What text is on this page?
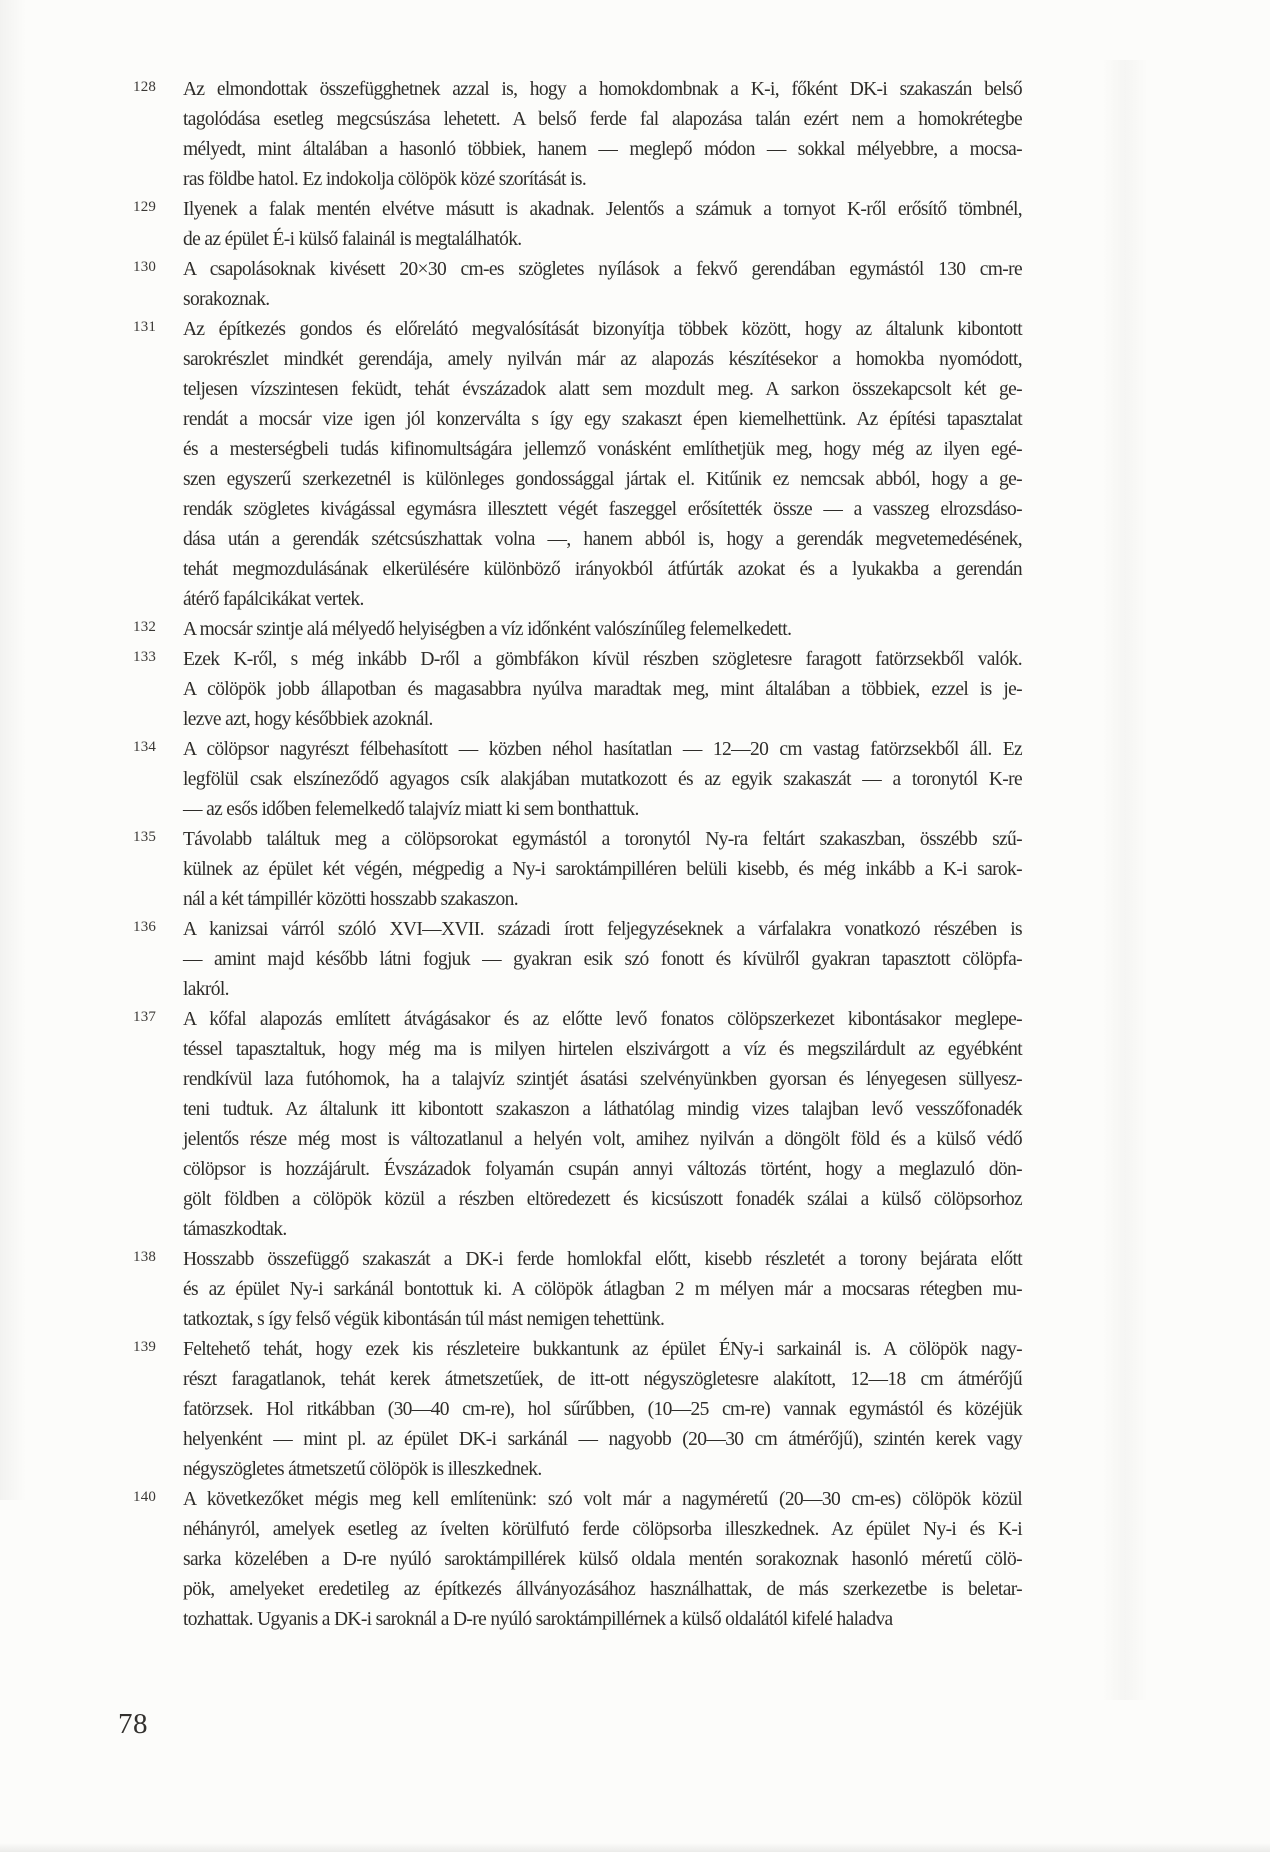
128	Az elmondottak összefügghetnek azzal is, hogy a homokdombnak a K-i, főként DK-i szakaszán belső
tagolódása esetleg megcsúszása lehetett. A belső ferde fal alapozása talán ezért nem a homokrétegbe
mélyedt, mint általában a hasonló többiek, hanem — meglepő módon — sokkal mélyebbre, a mocsa-
ras földbe hatol. Ez indokolja cölöpök közé szorítását is.
129	Ilyenek a falak mentén elvétve másutt is akadnak. Jelentős a számuk a tornyot K-ről erősítő tömbnél,
de az épület É-i külső falainál is megtalálhatók.
130	A csapolásoknak kivésett 20×30 cm-es szögletes nyílások a fekvő gerendában egymástól 130 cm-re
sorakoznak.
131	Az építkezés gondos és előrelátó megvalósítását bizonyítja többek között, hogy az általunk kibontott
sarokrészlet mindkét gerendája, amely nyilván már az alapozás készítésekor a homokba nyomódott,
teljesen vízszintesen feküdt, tehát évszázadok alatt sem mozdult meg. A sarkon összekapcsolt két ge-
rendát a mocsár vize igen jól konzerválta s így egy szakaszt épen kiemelhettünk. Az építési tapasztalat
és a mesterségbeli tudás kifinomultságára jellemző vonásként említhetjük meg, hogy még az ilyen egé-
szen egyszerű szerkezetnél is különleges gondossággal jártak el. Kitűnik ez nemcsak abból, hogy a ge-
rendák szögletes kivágással egymásra illesztett végét faszeggel erősítették össze — a vasszeg elrozsdáso-
dása után a gerendák szétcsúszhattak volna —, hanem abból is, hogy a gerendák megvetemedésének,
tehát megmozdulásának elkerülésére különböző irányokból átfúrták azokat és a lyukakba a gerendán
átérő fapálcikákat vertek.
132	A mocsár szintje alá mélyedő helyiségben a víz időnként valószínűleg felemelkedett.
133	Ezek K-ről, s még inkább D-ről a gömbfákon kívül részben szögletesre faragott fatörzsekből valók.
A cölöpök jobb állapotban és magasabbra nyúlva maradtak meg, mint általában a többiek, ezzel is je-
lezve azt, hogy későbbiek azoknál.
134	A cölöpsor nagyrészt félbehasított — közben néhol hasítatlan — 12—20 cm vastag fatörzsekből áll. Ez
legfölül csak elszíneződő agyagos csík alakjában mutatkozott és az egyik szakaszát — a toronytól K-re
— az esős időben felemelkedő talajvíz miatt ki sem bonthattuk.
135	Távolabb találtuk meg a cölöpsorokat egymástól a toronytól Ny-ra feltárt szakaszban, összébb szű-
külnek az épület két végén, mégpedig a Ny-i saroktámpilléren belüli kisebb, és még inkább a K-i sarok-
nál a két támpillér közötti hosszabb szakaszon.
136	A kanizsai várról szóló XVI—XVII. századi írott feljegyzéseknek a várfalakra vonatkozó részében is
— amint majd később látni fogjuk — gyakran esik szó fonott és kívülről gyakran tapasztott cölöpfa-
lakról.
137	A kőfal alapozás említett átvágásakor és az előtte levő fonatos cölöpszerkezet kibontásakor meglepe-
téssel tapasztaltuk, hogy még ma is milyen hirtelen elszivárgott a víz és megszilárdult az egyébként
rendkívül laza futóhomok, ha a talajvíz szintjét ásatási szelvényünkben gyorsan és lényegesen süllyesz-
teni tudtuk. Az általunk itt kibontott szakaszon a láthatólag mindig vizes talajban levő vesszőfonadék
jelentős része még most is változatlanul a helyén volt, amihez nyilván a döngölt föld és a külső védő
cölöpsor is hozzájárult. Évszázadok folyamán csupán annyi változás történt, hogy a meglazuló dön-
gölt földben a cölöpök közül a részben eltöredezett és kicsúszott fonadék szálai a külső cölöpsorhoz
támaszkodtak.
138	Hosszabb összefüggő szakaszát a DK-i ferde homlokfal előtt, kisebb részletét a torony bejárata előtt
és az épület Ny-i sarkánál bontottuk ki. A cölöpök átlagban 2 m mélyen már a mocsaras rétegben mu-
tatkoztak, s így felső végük kibontásán túl mást nemigen tehettünk.
139	Feltehető tehát, hogy ezek kis részleteire bukkantunk az épület ÉNy-i sarkainál is. A cölöpök nagy-
részt faragatlanok, tehát kerek átmetszetűek, de itt-ott négyszögletesre alakított, 12—18 cm átmérőjű
fatörzsek. Hol ritkábban (30—40 cm-re), hol sűrűbben, (10—25 cm-re) vannak egymástól és közéjük
helyenként — mint pl. az épület DK-i sarkánál — nagyobb (20—30 cm átmérőjű), szintén kerek vagy
négyszögletes átmetszetű cölöpök is illeszkednek.
140	A következőket mégis meg kell említenünk: szó volt már a nagyméretű (20—30 cm-es) cölöpök közül
néhányról, amelyek esetleg az ívelten körülfutó ferde cölöpsorba illeszkednek. Az épület Ny-i és K-i
sarka közelében a D-re nyúló saroktámpillérek külső oldala mentén sorakoznak hasonló méretű cölö-
pök, amelyeket eredetileg az építkezés állványozásához használhattak, de más szerkezetbe is beletar-
tozhattak. Ugyanis a DK-i saroknál a D-re nyúló saroktámpillérnek a külső oldalától kifelé haladva
78
